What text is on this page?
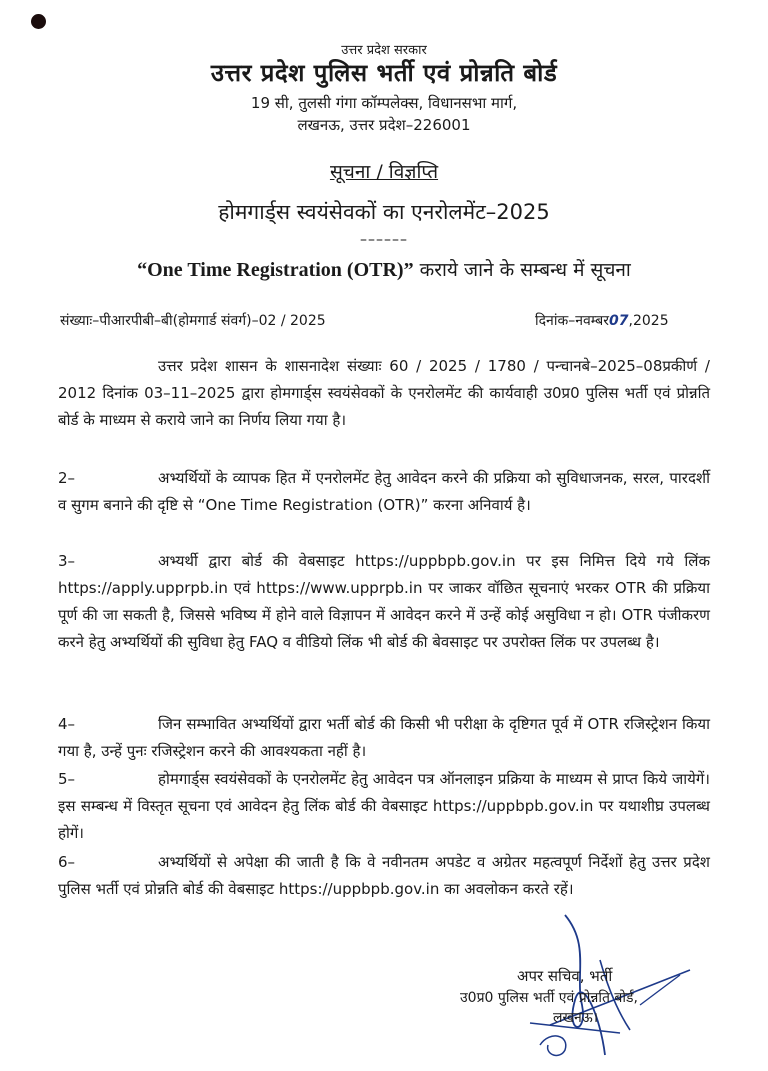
उत्तर प्रदेश सरकार
उत्तर प्रदेश पुलिस भर्ती एवं प्रोन्नति बोर्ड
19 सी, तुलसी गंगा कॉम्पलेक्स, विधानसभा मार्ग,
लखनऊ, उत्तर प्रदेश–226001
सूचना / विज्ञप्ति
होमगार्ड्स स्वयंसेवकों का एनरोलमेंट–2025
––––––
“One Time Registration (OTR)” कराये जाने के सम्बन्ध में सूचना
संख्याः–पीआरपीबी–बी(होमगार्ड संवर्ग)–02 / 2025	दिनांक–नवम्बर07,2025
उत्तर प्रदेश शासन के शासनादेश संख्याः 60 / 2025 / 1780 / पन्चानबे–2025–08प्रकीर्ण / 2012 दिनांक 03–11–2025 द्वारा होमगार्ड्स स्वयंसेवकों के एनरोलमेंट की कार्यवाही उ0प्र0 पुलिस भर्ती एवं प्रोन्नति बोर्ड के माध्यम से कराये जाने का निर्णय लिया गया है।
2–	अभ्यर्थियों के व्यापक हित में एनरोलमेंट हेतु आवेदन करने की प्रक्रिया को सुविधाजनक, सरल, पारदर्शी व सुगम बनाने की दृष्टि से “One Time Registration (OTR)” करना अनिवार्य है।
3–	अभ्यर्थी द्वारा बोर्ड की वेबसाइट https://uppbpb.gov.in पर इस निमित्त दिये गये लिंक https://apply.upprpb.in एवं https://www.upprpb.in पर जाकर वॉछित सूचनाएं भरकर OTR की प्रक्रिया पूर्ण की जा सकती है, जिससे भविष्य में होने वाले विज्ञापन में आवेदन करने में उन्हें कोई असुविधा न हो। OTR पंजीकरण करने हेतु अभ्यर्थियों की सुविधा हेतु FAQ व वीडियो लिंक भी बोर्ड की बेवसाइट पर उपरोक्त लिंक पर उपलब्ध है।
4–	जिन सम्भावित अभ्यर्थियों द्वारा भर्ती बोर्ड की किसी भी परीक्षा के दृष्टिगत पूर्व में OTR रजिस्ट्रेशन किया गया है, उन्हें पुनः रजिस्ट्रेशन करने की आवश्यकता नहीं है।
5–	होमगार्ड्स स्वयंसेवकों के एनरोलमेंट हेतु आवेदन पत्र ऑनलाइन प्रक्रिया के माध्यम से प्राप्त किये जायेगें। इस सम्बन्ध में विस्तृत सूचना एवं आवेदन हेतु लिंक बोर्ड की वेबसाइट https://uppbpb.gov.in पर यथाशीघ्र उपलब्ध होगें।
6–	अभ्यर्थियों से अपेक्षा की जाती है कि वे नवीनतम अपडेट व अग्रेतर महत्वपूर्ण निर्देशों हेतु उत्तर प्रदेश पुलिस भर्ती एवं प्रोन्नति बोर्ड की वेबसाइट https://uppbpb.gov.in का अवलोकन करते रहें।
अपर सचिव, भर्ती
उ0प्र0 पुलिस भर्ती एवं प्रोन्नति बोर्ड,
लखनऊ।
